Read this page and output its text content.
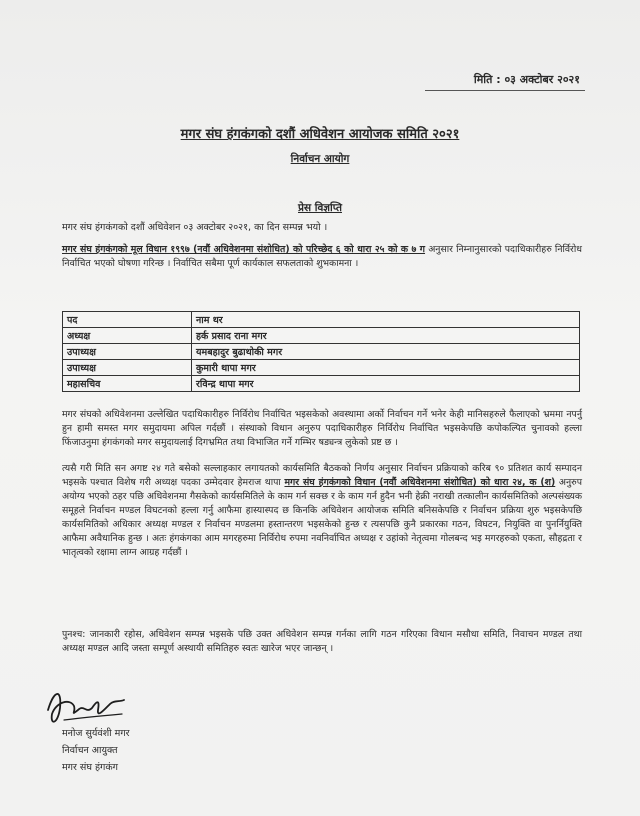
मिति : ०३ अक्टोबर २०२१
मगर संघ हंगकंगको दशौं अधिवेशन आयोजक समिति २०२१
निर्वाचन आयोग
प्रेस विज्ञप्ति
मगर संघ हंगकंगको दशौं अधिवेशन ०३ अक्टोबर २०२१, का दिन सम्पन्न भयो ।
मगर संघ हंगकंगको मूल विधान १९९७ (नवौं अधिवेशनमा संशोधित) को परिच्छेद ६ को धारा २५ को क ७ ग अनुसार निम्नानुसारको पदाधिकारीहरु निर्विरोध निर्वाचित भएको घोषणा गरिन्छ । निर्वाचित सबैमा पूर्ण कार्यकाल सफलताको शुभकामना ।
पद	नाम थर
अध्यक्ष	हर्क प्रसाद राना मगर
उपाध्यक्ष	यमबहादुर बुढाथोकी मगर
उपाध्यक्ष	कुमारी थापा मगर
महासचिव	रविन्द्र थापा मगर
मगर संघको अधिवेशनमा उल्लेखित पदाधिकारीहरु निर्विरोध निर्वाचित भइसकेको अवस्थामा अर्को निर्वाचन गर्ने भनेर केही मानिसहरुले फैलाएको भ्रममा नपर्नु हुन हामी समस्त मगर समुदायमा अपिल गर्दछौं । संस्थाको विधान अनुरुप पदाधिकारीहरु निर्विरोध निर्वाचित भइसकेपछि कपोकल्पित चुनावको हल्ला फिंजाउनुमा हंगकंगको मगर समुदायलाई दिगभ्रमित तथा विभाजित गर्ने गम्भिर षड्यन्त्र लुकेको प्रष्ट छ ।
त्यसै गरी मिति सन अगष्ट २४ गते बसेको सल्लाहकार लगायतको कार्यसमिति बैठकको निर्णय अनुसार निर्वाचन प्रक्रियाको करिब ९० प्रतिशत कार्य सम्पादन भइसके पश्चात विशेष गरी अध्यक्ष पदका उम्मेदवार हेमराज थापा मगर संघ हंगकंगको विधान (नवौं अधिवेशनमा संशोधित) को धारा २४, क (श) अनुरुप अयोग्य भएको ठहर पछि अधिवेशनमा गैसकेको कार्यसमितिले के काम गर्न सक्छ र के काम गर्न हुदैन भनी हेक्री नराखी तत्कालीन कार्यसमितिको अल्पसंख्यक समूहले निर्वाचन मण्डल विघटनको हल्ला गर्नु आफैमा हास्यास्पद छ किनकि अधिवेशन आयोजक समिति बनिसकेपछि र निर्वाचन प्रक्रिया शुरु भइसकेपछि कार्यसमितिको अधिकार अध्यक्ष मण्डल र निर्वाचन मण्डलमा हस्तान्तरण भइसकेको हुन्छ र त्यसपछि कुनै प्रकारका गठन, विघटन, नियुक्ति वा पुनर्नियुक्ति आफैमा अवैधानिक हुन्छ । अतः हंगकंगका आम मगरहरुमा निर्विरोध रुपमा नवनिर्वाचित अध्यक्ष र उहांको नेतृत्वमा गोलबन्द भइ मगरहरुको एकता, सौहद्रता र भातृत्वको रक्षामा लाग्न आग्रह गर्दछौं ।
पुनश्च: जानकारी रहोस, अधिवेशन सम्पन्न भइसके पछि उक्त अधिवेशन सम्पन्न गर्नका लागि गठन गरिएका विधान मसौधा समिति, निवाचन मण्डल तथा अध्यक्ष मण्डल आदि जस्ता सम्पूर्ण अस्थायी समितिहरु स्वतः खारेज भएर जान्छन् ।
मनोज सुर्यवंशी मगर
निर्वाचन आयुक्त
मगर संघ हंगकंग
